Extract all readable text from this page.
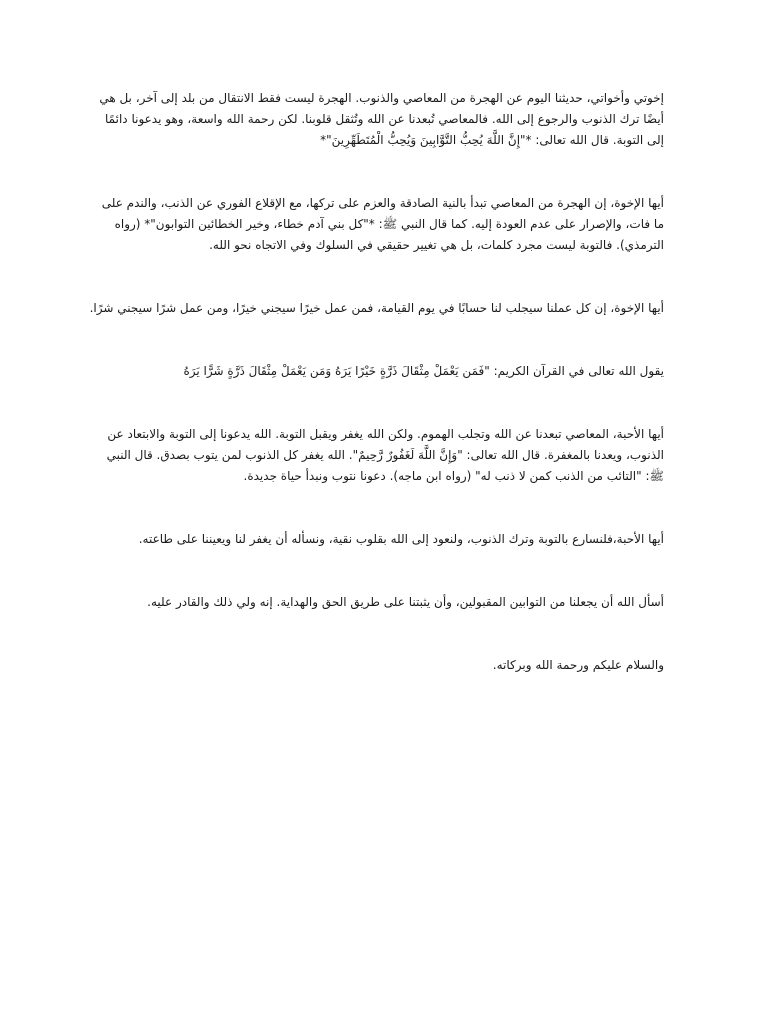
إخوتي وأخواتي، حديثنا اليوم عن الهجرة من المعاصي والذنوب. الهجرة ليست فقط الانتقال من بلد إلى آخر، بل هي أيضًا ترك الذنوب والرجوع إلى الله. فالمعاصي تُبعدنا عن الله وتُثقل قلوبنا. لكن رحمة الله واسعة، وهو يدعونا دائمًا إلى التوبة. قال الله تعالى: *"إِنَّ اللَّهَ يُحِبُّ التَّوَّابِينَ وَيُحِبُّ الْمُتَطَهِّرِينَ"*

أيها الإخوة، إن الهجرة من المعاصي تبدأ بالنية الصادقة والعزم على تركها، مع الإقلاع الفوري عن الذنب، والندم على ما فات، والإصرار على عدم العودة إليه. كما قال النبي ﷺ: *"كل بني آدم خطاء، وخير الخطائين التوابون"* (رواه الترمذي). فالتوبة ليست مجرد كلمات، بل هي تغيير حقيقي في السلوك وفي الاتجاه نحو الله.

أيها الإخوة، إن كل عملنا سيجلب لنا حسابًا في يوم القيامة، فمن عمل خيرًا سيجني خيرًا، ومن عمل شرًا سيجني شرًا.

يقول الله تعالى في القرآن الكريم: "فَمَن يَعْمَلْ مِثْقَالَ ذَرَّةٍ خَيْرًا يَرَهُ وَمَن يَعْمَلْ مِثْقَالَ ذَرَّةٍ شَرًّا يَرَهُ

أيها الأحبة، المعاصي تبعدنا عن الله وتجلب الهموم. ولكن الله يغفر ويقبل التوبة. الله يدعونا إلى التوبة والابتعاد عن الذنوب، ويعدنا بالمغفرة. قال الله تعالى: "وَإِنَّ اللَّهَ لَغَفُورٌ رَّحِيمٌ". الله يغفر كل الذنوب لمن يتوب بصدق. قال النبي ﷺ: "التائب من الذنب كمن لا ذنب له" (رواه ابن ماجه). دعونا نتوب ونبدأ حياة جديدة.

أيها الأحبة،فلنسارع بالتوبة وترك الذنوب، ولنعود إلى الله بقلوب نقية، ونسأله أن يغفر لنا ويعيننا على طاعته.

أسأل الله أن يجعلنا من التوابين المقبولين، وأن يثبتنا على طريق الحق والهداية. إنه ولي ذلك والقادر عليه.

والسلام عليكم ورحمة الله وبركاته.
